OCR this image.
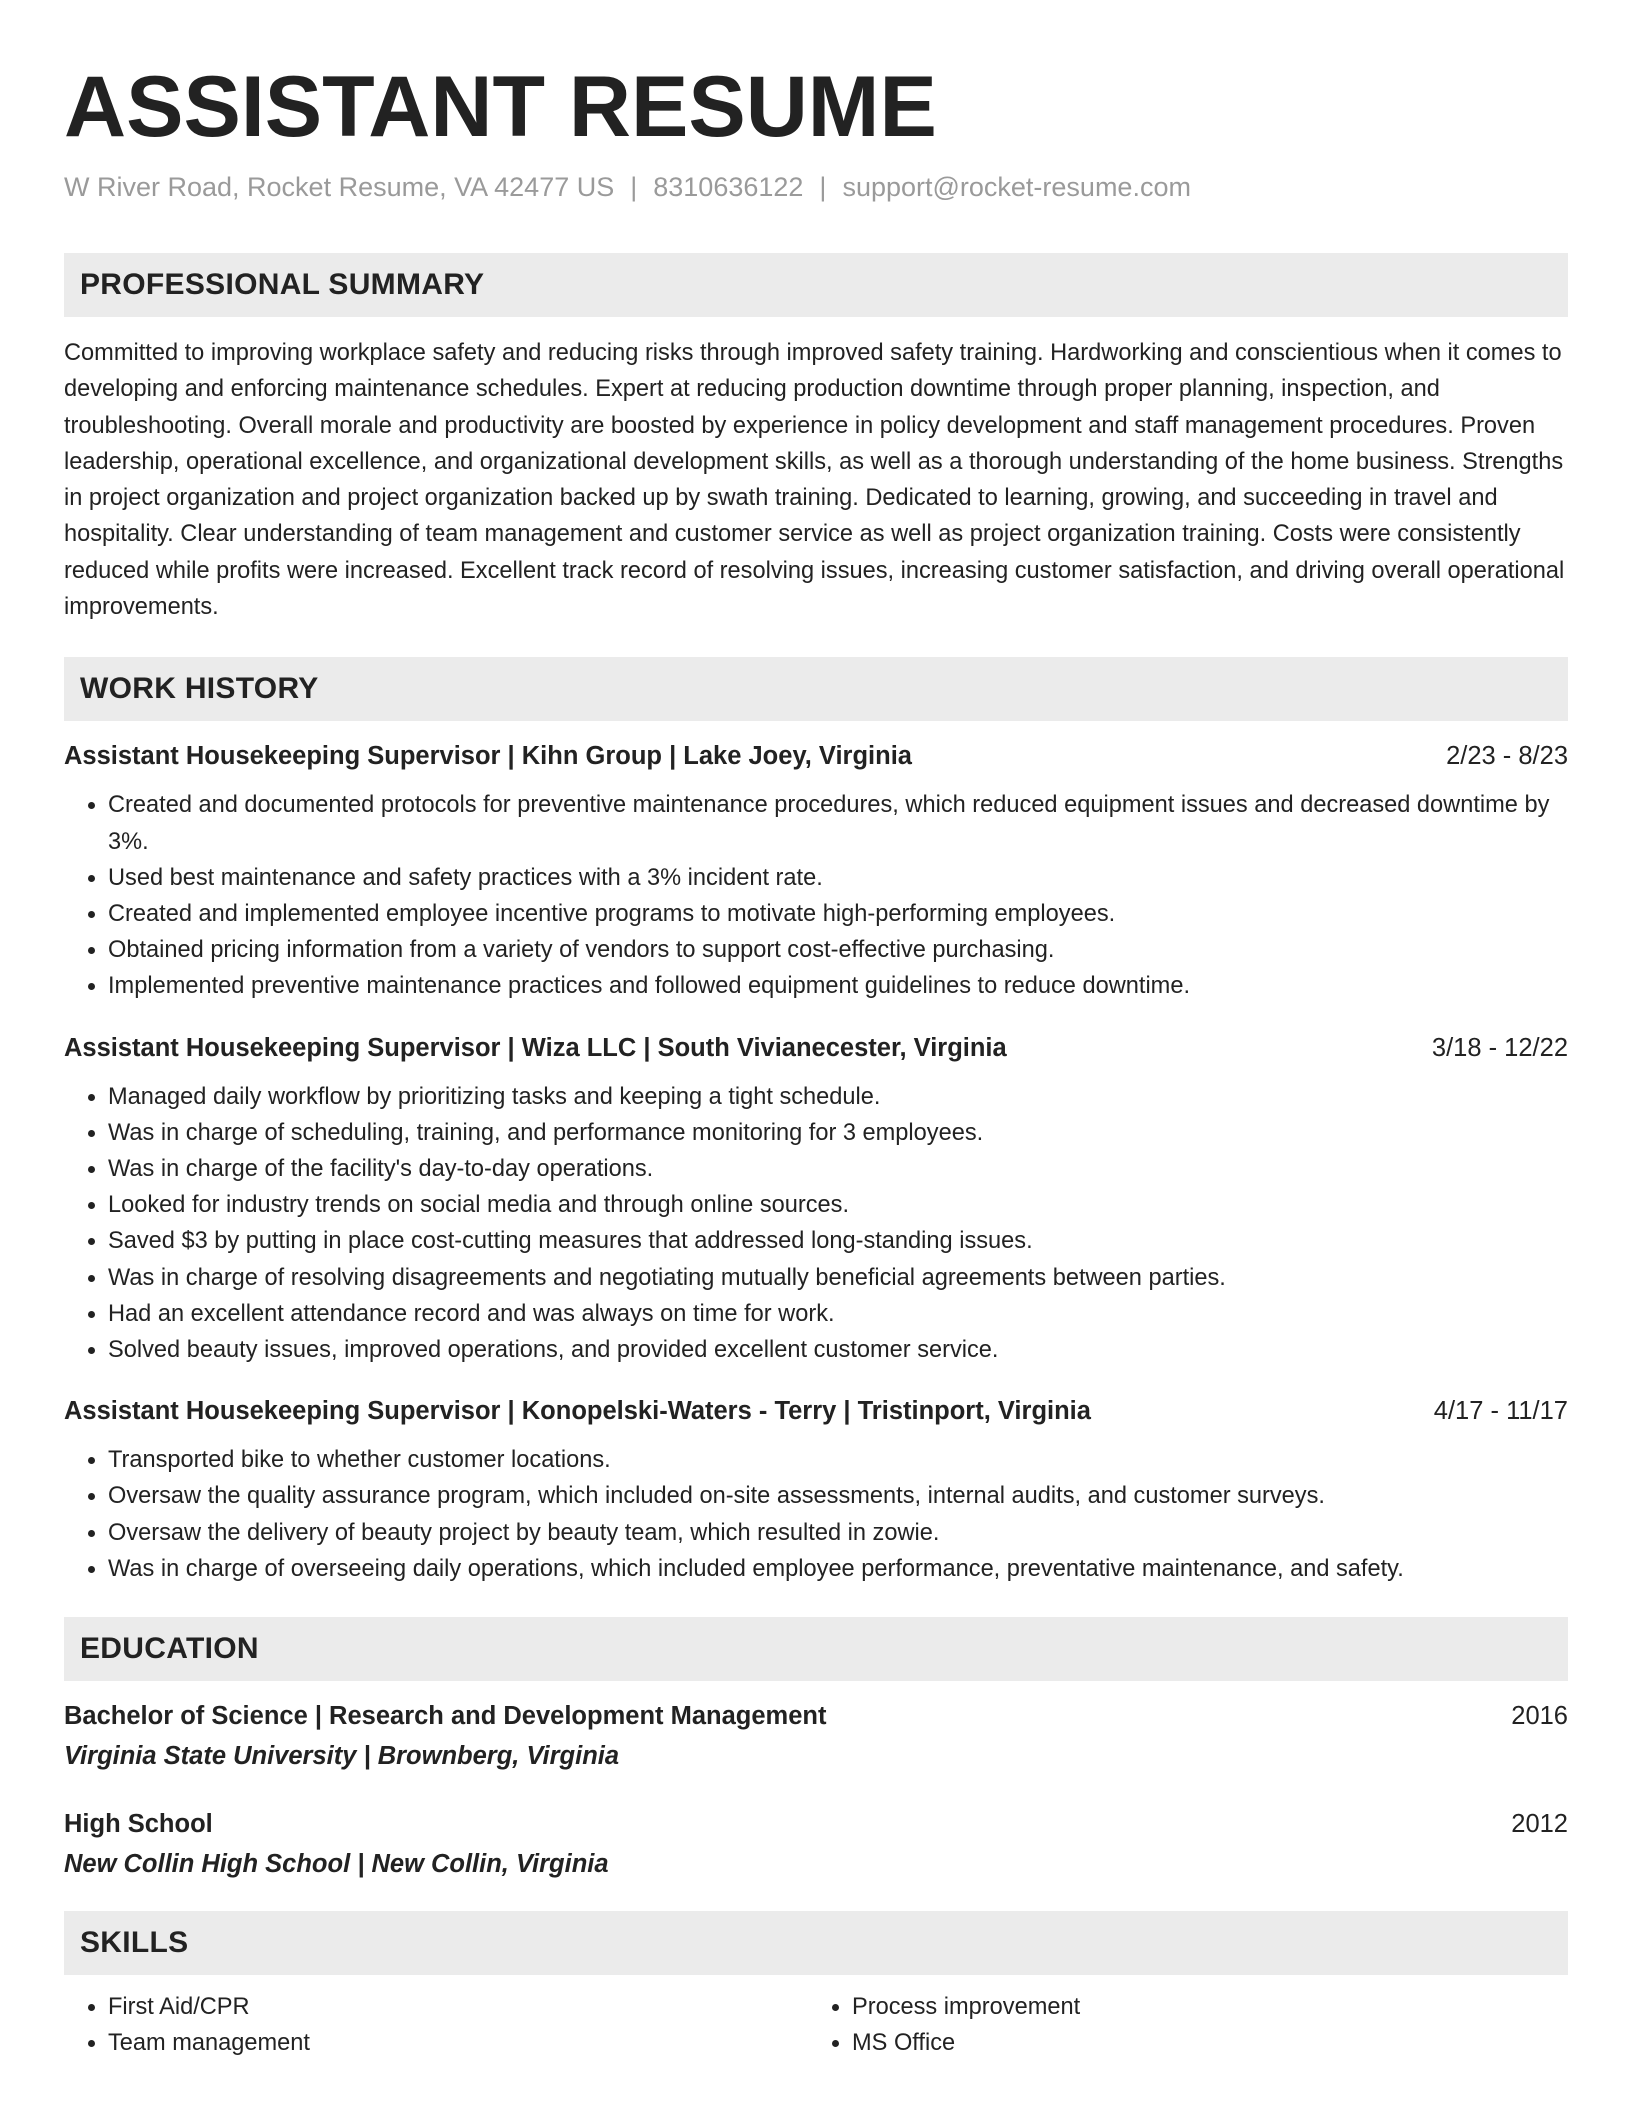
ASSISTANT RESUME
W River Road, Rocket Resume, VA 42477 US | 8310636122 | support@rocket-resume.com
PROFESSIONAL SUMMARY
Committed to improving workplace safety and reducing risks through improved safety training. Hardworking and conscientious when it comes to developing and enforcing maintenance schedules. Expert at reducing production downtime through proper planning, inspection, and troubleshooting. Overall morale and productivity are boosted by experience in policy development and staff management procedures. Proven leadership, operational excellence, and organizational development skills, as well as a thorough understanding of the home business. Strengths in project organization and project organization backed up by swath training. Dedicated to learning, growing, and succeeding in travel and hospitality. Clear understanding of team management and customer service as well as project organization training. Costs were consistently reduced while profits were increased. Excellent track record of resolving issues, increasing customer satisfaction, and driving overall operational improvements.
WORK HISTORY
Assistant Housekeeping Supervisor | Kihn Group | Lake Joey, Virginia	2/23 - 8/23
• Created and documented protocols for preventive maintenance procedures, which reduced equipment issues and decreased downtime by 3%.
• Used best maintenance and safety practices with a 3% incident rate.
• Created and implemented employee incentive programs to motivate high-performing employees.
• Obtained pricing information from a variety of vendors to support cost-effective purchasing.
• Implemented preventive maintenance practices and followed equipment guidelines to reduce downtime.
Assistant Housekeeping Supervisor | Wiza LLC | South Vivianecester, Virginia	3/18 - 12/22
• Managed daily workflow by prioritizing tasks and keeping a tight schedule.
• Was in charge of scheduling, training, and performance monitoring for 3 employees.
• Was in charge of the facility's day-to-day operations.
• Looked for industry trends on social media and through online sources.
• Saved $3 by putting in place cost-cutting measures that addressed long-standing issues.
• Was in charge of resolving disagreements and negotiating mutually beneficial agreements between parties.
• Had an excellent attendance record and was always on time for work.
• Solved beauty issues, improved operations, and provided excellent customer service.
Assistant Housekeeping Supervisor | Konopelski-Waters - Terry | Tristinport, Virginia	4/17 - 11/17
• Transported bike to whether customer locations.
• Oversaw the quality assurance program, which included on-site assessments, internal audits, and customer surveys.
• Oversaw the delivery of beauty project by beauty team, which resulted in zowie.
• Was in charge of overseeing daily operations, which included employee performance, preventative maintenance, and safety.
EDUCATION
Bachelor of Science | Research and Development Management	2016
Virginia State University | Brownberg, Virginia
High School	2012
New Collin High School | New Collin, Virginia
SKILLS
• First Aid/CPR
• Team management
• Process improvement
• MS Office
